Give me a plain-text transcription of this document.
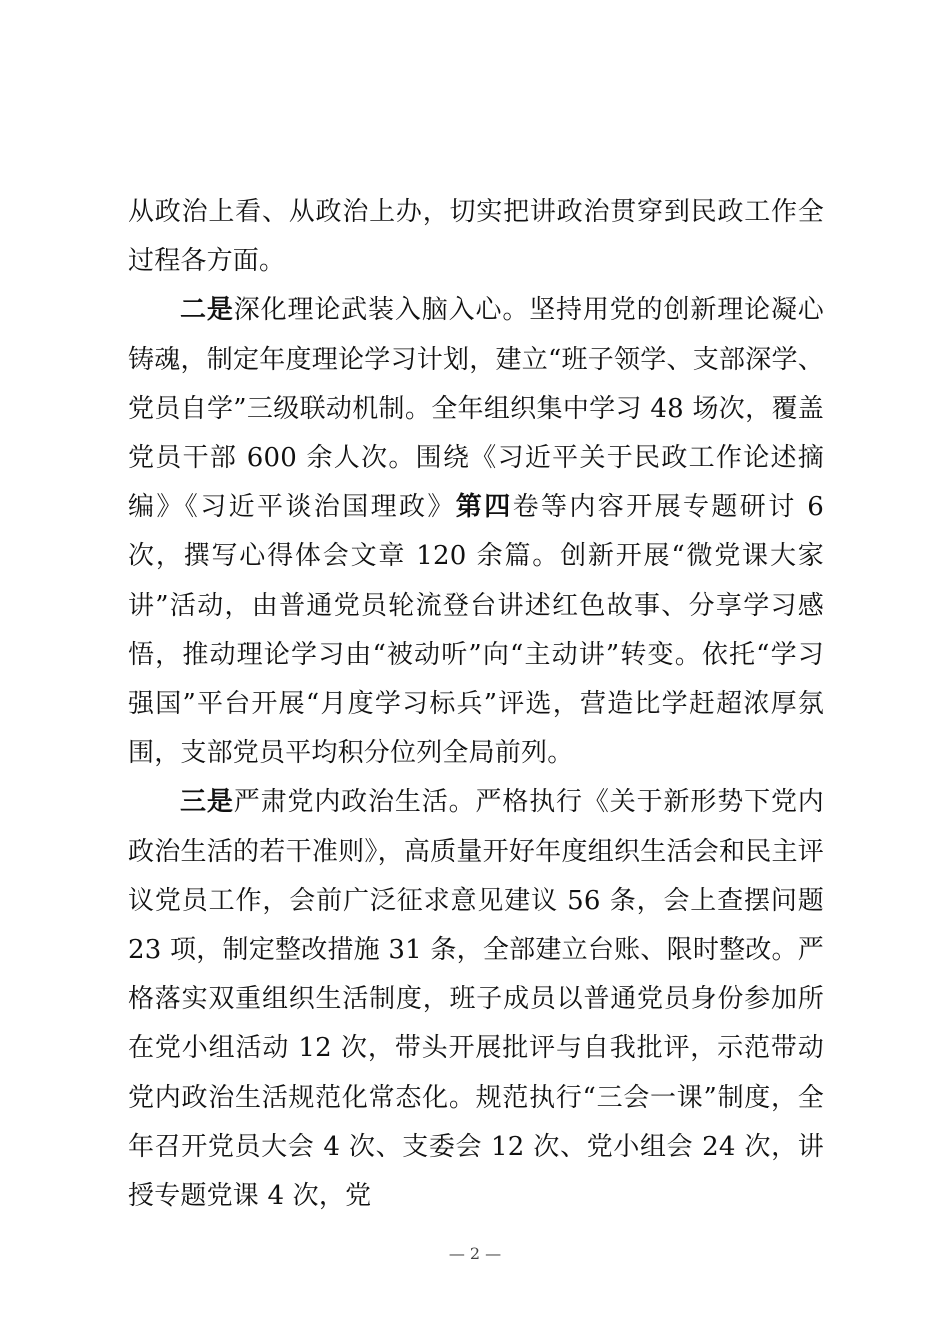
从政治上看、从政治上办，切实把讲政治贯穿到民政工作全过程各方面。

二是深化理论武装入脑入心。坚持用党的创新理论凝心铸魂，制定年度理论学习计划，建立“班子领学、支部深学、党员自学”三级联动机制。全年组织集中学习 48 场次，覆盖党员干部 600 余人次。围绕《习近平关于民政工作论述摘编》《习近平谈治国理政》第四卷等内容开展专题研讨 6 次，撰写心得体会文章 120 余篇。创新开展“微党课大家讲”活动，由普通党员轮流登台讲述红色故事、分享学习感悟，推动理论学习由“被动听”向“主动讲”转变。依托“学习强国”平台开展“月度学习标兵”评选，营造比学赶超浓厚氛围，支部党员平均积分位列全局前列。

三是严肃党内政治生活。严格执行《关于新形势下党内政治生活的若干准则》，高质量开好年度组织生活会和民主评议党员工作，会前广泛征求意见建议 56 条，会上查摆问题 23 项，制定整改措施 31 条，全部建立台账、限时整改。严格落实双重组织生活制度，班子成员以普通党员身份参加所在党小组活动 12 次，带头开展批评与自我批评，示范带动党内政治生活规范化常态化。规范执行“三会一课”制度，全年召开党员大会 4 次、支委会 12 次、党小组会 24 次，讲授专题党课 4 次，党

— 2 —
